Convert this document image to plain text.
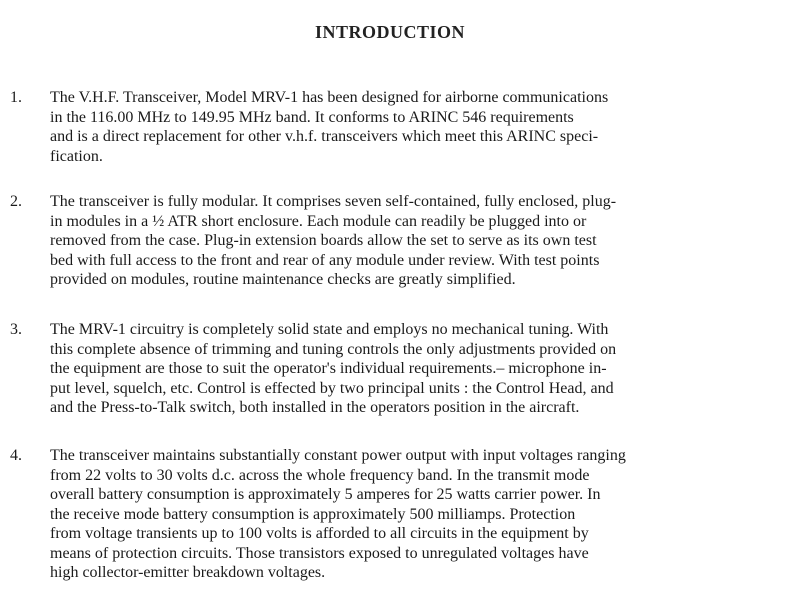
INTRODUCTION
1.	The V.H.F. Transceiver, Model MRV-1 has been designed for airborne communications
in the 116.00 MHz to 149.95 MHz band. It conforms to ARINC 546 requirements
and is a direct replacement for other v.h.f. transceivers which meet this ARINC speci-
fication.
2.	The transceiver is fully modular. It comprises seven self-contained, fully enclosed, plug-
in modules in a ½ ATR short enclosure. Each module can readily be plugged into or
removed from the case. Plug-in extension boards allow the set to serve as its own test
bed with full access to the front and rear of any module under review. With test points
provided on modules, routine maintenance checks are greatly simplified.
3.	The MRV-1 circuitry is completely solid state and employs no mechanical tuning. With
this complete absence of trimming and tuning controls the only adjustments provided on
the equipment are those to suit the operator's individual requirements.– microphone in-
put level, squelch, etc. Control is effected by two principal units : the Control Head, and
and the Press-to-Talk switch, both installed in the operators position in the aircraft.
4.	The transceiver maintains substantially constant power output with input voltages ranging
from 22 volts to 30 volts d.c. across the whole frequency band. In the transmit mode
overall battery consumption is approximately 5 amperes for 25 watts carrier power. In
the receive mode battery consumption is approximately 500 milliamps. Protection
from voltage transients up to 100 volts is afforded to all circuits in the equipment by
means of protection circuits. Those transistors exposed to unregulated voltages have
high collector-emitter breakdown voltages.
